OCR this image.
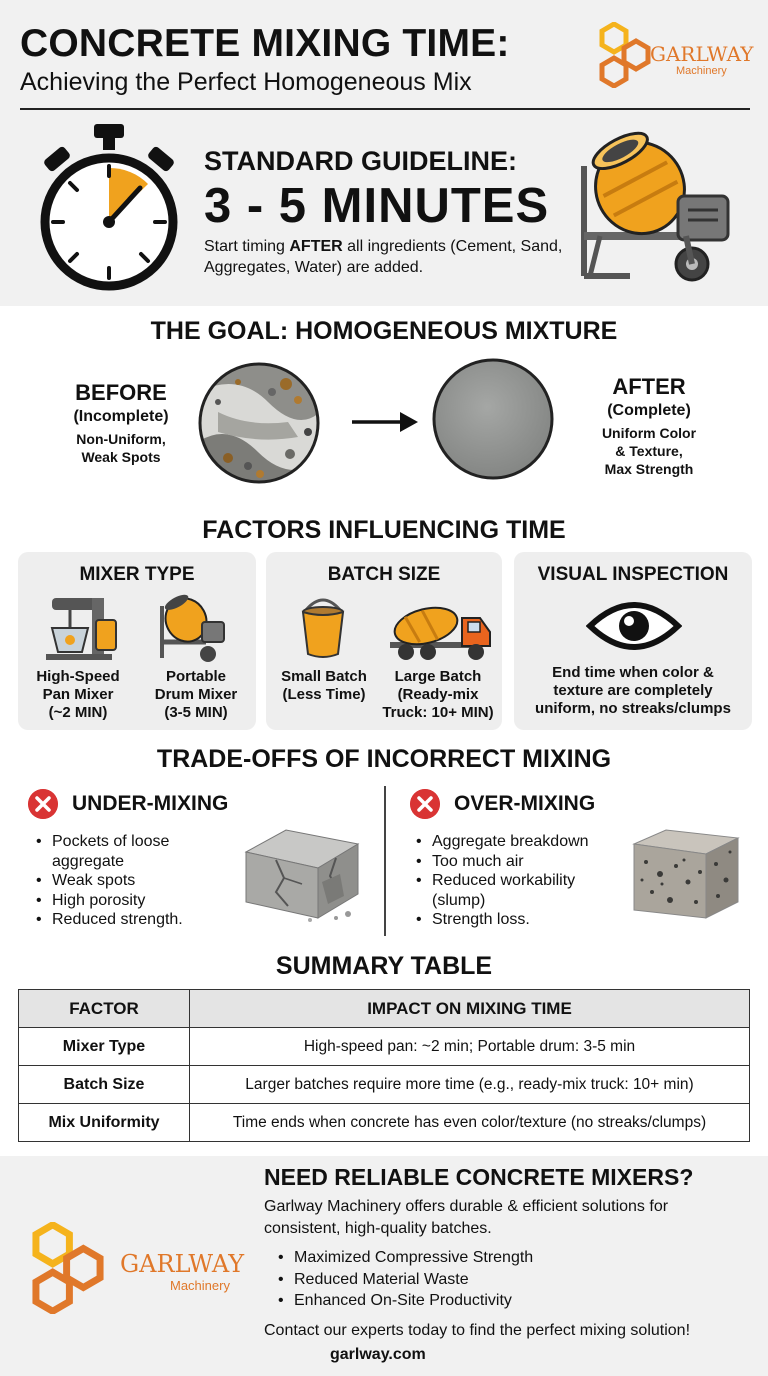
CONCRETE MIXING TIME:
Achieving the Perfect Homogeneous Mix
GARLWAY
Machinery
STANDARD GUIDELINE:
3 - 5 MINUTES
Start timing AFTER all ingredients (Cement, Sand, Aggregates, Water) are added.
THE GOAL: HOMOGENEOUS MIXTURE
BEFORE
(Incomplete)
Non-Uniform,
Weak Spots
AFTER
(Complete)
Uniform Color
& Texture,
Max Strength
FACTORS INFLUENCING TIME
MIXER TYPE
High-Speed
Pan Mixer
(~2 MIN)
Portable
Drum Mixer
(3-5 MIN)
BATCH SIZE
Small Batch
(Less Time)
Large Batch
(Ready-mix
Truck: 10+ MIN)
VISUAL INSPECTION
End time when color &
texture are completely
uniform, no streaks/clumps
TRADE-OFFS OF INCORRECT MIXING
UNDER-MIXING
• Pockets of loose
aggregate
• Weak spots
• High porosity
• Reduced strength.
OVER-MIXING
• Aggregate breakdown
• Too much air
• Reduced workability
(slump)
• Strength loss.
SUMMARY TABLE
FACTOR	IMPACT ON MIXING TIME
Mixer Type	High-speed pan: ~2 min; Portable drum: 3-5 min
Batch Size	Larger batches require more time (e.g., ready-mix truck: 10+ min)
Mix Uniformity	Time ends when concrete has even color/texture (no streaks/clumps)
GARLWAY
Machinery
NEED RELIABLE CONCRETE MIXERS?
Garlway Machinery offers durable & efficient solutions for consistent, high-quality batches.
• Maximized Compressive Strength
• Reduced Material Waste
• Enhanced On-Site Productivity
Contact our experts today to find the perfect mixing solution!
garlway.com
